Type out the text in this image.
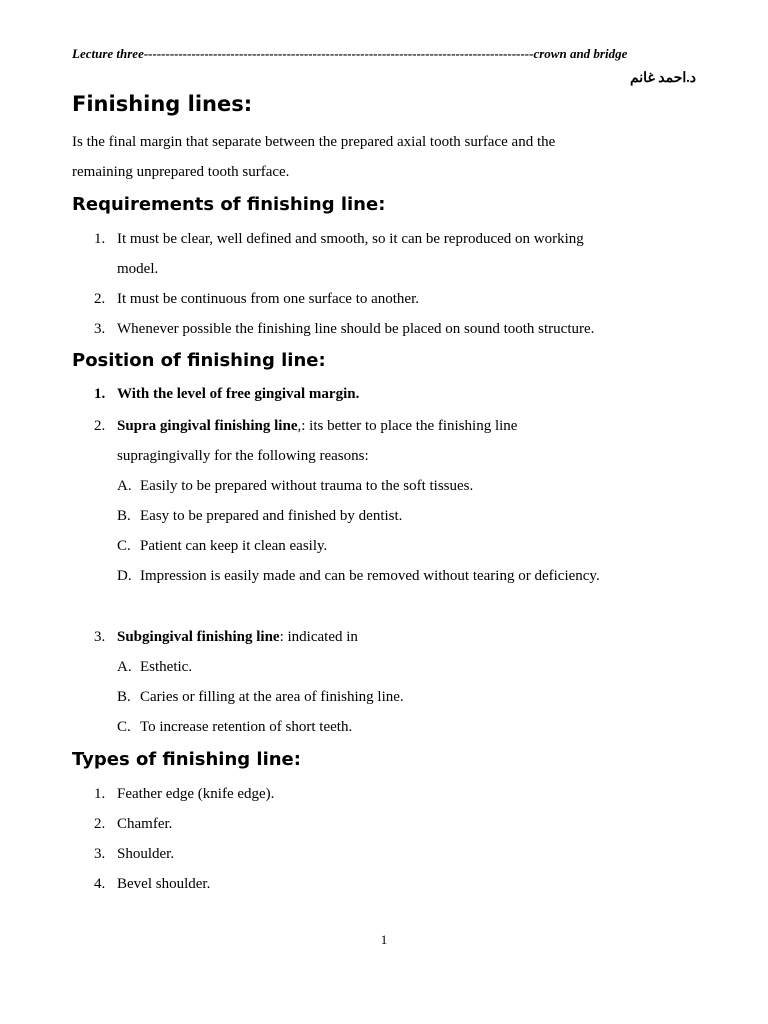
Lecture three------------------------------------------------------------------------------------------crown and bridge
د.احمد غانم
Finishing lines:

Is the final margin that separate between the prepared axial tooth surface and the

remaining unprepared tooth surface.

Requirements of finishing line:
1. It must be clear, well defined and smooth, so it can be reproduced on working
model.
2. It must be continuous from one surface to another.
3. Whenever possible the finishing line should be placed on sound tooth structure.
Position of finishing line:
1. With the level of free gingival margin.
2. Supra gingival finishing line,: its better to place the finishing line
supragingivally for the following reasons:
A. Easily to be prepared without trauma to the soft tissues.
B. Easy to be prepared and finished by dentist.
C. Patient can keep it clean easily.
D. Impression is easily made and can be removed without tearing or deficiency.
3. Subgingival finishing line: indicated in
A. Esthetic.
B. Caries or filling at the area of finishing line.
C. To increase retention of short teeth.
Types of finishing line:
1. Feather edge (knife edge).
2. Chamfer.
3. Shoulder.
4. Bevel shoulder.
1
